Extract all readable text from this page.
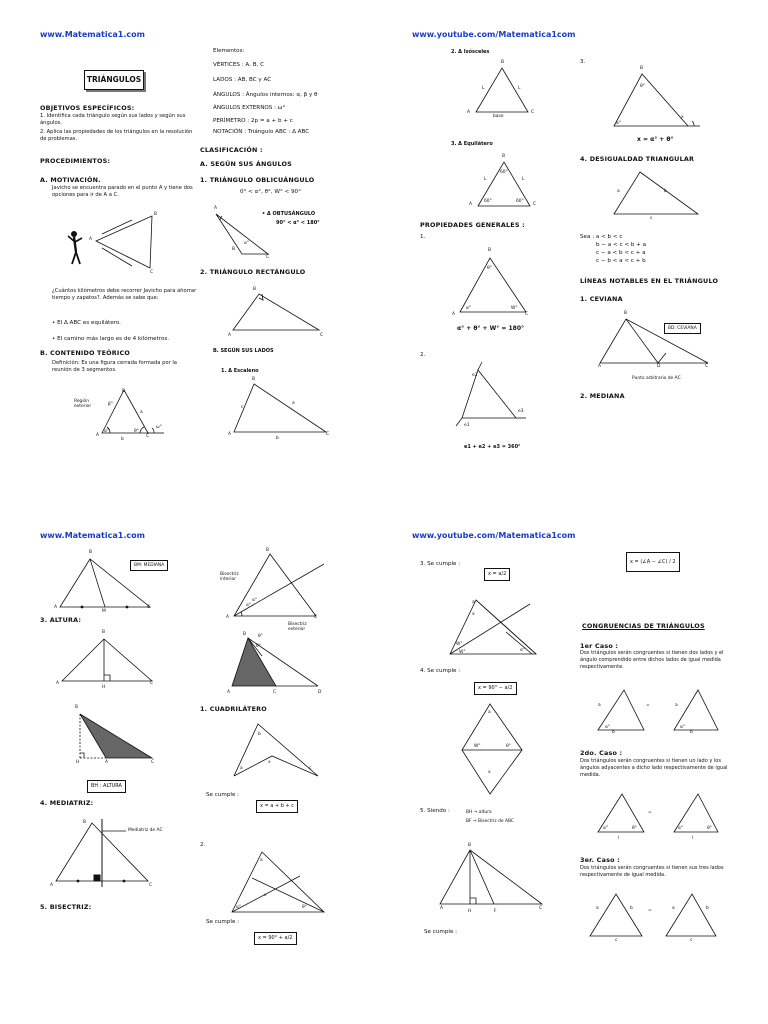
www.Matematica1.com	www.youtube.com/Matematica1com
www.Matematica1.com	www.youtube.com/Matematica1com
TRIÁNGULOS
OBJETIVOS ESPECÍFICOS:
1. Identifica cada triángulo según sus lados y según sus ángulos.
2. Aplica las propiedades de los triángulos en la resolución de problemas.
PROCEDIMIENTOS:
A. MOTIVACIÓN.
Javicho se encuentra parado en el punto A y tiene dos opciones para ir de A a C.
A
B
C
¿Cuántos kilómetros debe recorrer Javicho para ahorrar tiempo y zapatos?. Además se sabe que:
• El Δ ABC es equilátero.
• El camino más largo es de 4 kilómetros.
B. CONTENIDO TEÓRICO
Definición: Es una figura cerrada formada por la reunión de 3 segmentos.
Región exterior
B
β°
a
α°	θ°
ω°
A
b
C
Elementos:
VÉRTICES : A, B, C
LADOS : AB, BC y AC
ÁNGULOS : Ángulos internos: α, β y θ
ÁNGULOS EXTERNOS : ω°
PERÍMETRO : 2p = a + b + c
NOTACIÓN : Triángulo ABC : Δ ABC
CLASIFICACIÓN :
A. SEGÚN SUS ÁNGULOS
1. TRIÁNGULO OBLICUÁNGULO
0° < α°, θ°, W° < 90°
A
B
C
α°
• Δ OBTUSÁNGULO
90° < α° < 180°
2. TRIÁNGULO RECTÁNGULO
B
A	C
B. SEGÚN SUS LADOS
1. Δ Escaleno
B
c
a
A
b
C
2. Δ Isósceles
B
L	L
A	C
base
3. Δ Equilátero
B
60°
L	L
60°	60°
A	C
PROPIEDADES GENERALES :
1.
B
θ°
α°	W°
A	C
α° + θ° + W° = 180°
2.
e2
e3
e1
e1 + e2 + e3 = 360°
3.
B
θ°
α°
x
x = α° + θ°
4. DESIGUALDAD TRIANGULAR
a	b
c
Sea : a < b < c
b − a < c < b + a
c − a < b < c + a
c − b < a < c + b
LÍNEAS NOTABLES EN EL TRIÁNGULO
1. CEVIANA
B
A	D	C
BD: CEVIANA
Punto arbitrario de AC
2. MEDIANA
B
A
M
C
BM: MEDIANA
3. ALTURA:
B
A
H
C
B
H	A	C
BH : ALTURA
4. MEDIATRIZ:
B
Mediatriz de AC
A	C
5. BISECTRIZ:
B
Bisectriz interior
α°
α°
A	C
B	θ°
θ°
Bisectriz exterior
A	C	D
1. CUADRILÁTERO
b
a	c
x
Se cumple :
x = a + b + c
2.
a
x
α°	θ°
Se cumple :
x = 90° + a/2
x = (∠A − ∠C) / 2
3. Se cumple :
x = a/2
a
x
W°
W°	α°
4. Se cumple :
x = 90° − a/2
a
W°	θ°
x
5. Siendo :	BH → altura
BF → Bisectriz de ABC
B
A
H	F
C
Se cumple :
CONGRUENCIAS DE TRIÁNGULOS
1er Caso :
Dos triángulos serán congruentes si tienen dos lados y el ángulo comprendido entre dichos lados de igual medida respectivamente.
a
α°
b
=	a
α°
b
2do. Caso :
Dos triángulos serán congruentes si tienen un lado y los ángulos adyacentes a dicho lado respectivamente de igual medida.
α°	θ°
l
=
α°	θ°
l
3er. Caso :
Dos triángulos serán congruentes si tienen sus tres lados respectivamente de igual medida.
a	b
c
=	a	b
c
